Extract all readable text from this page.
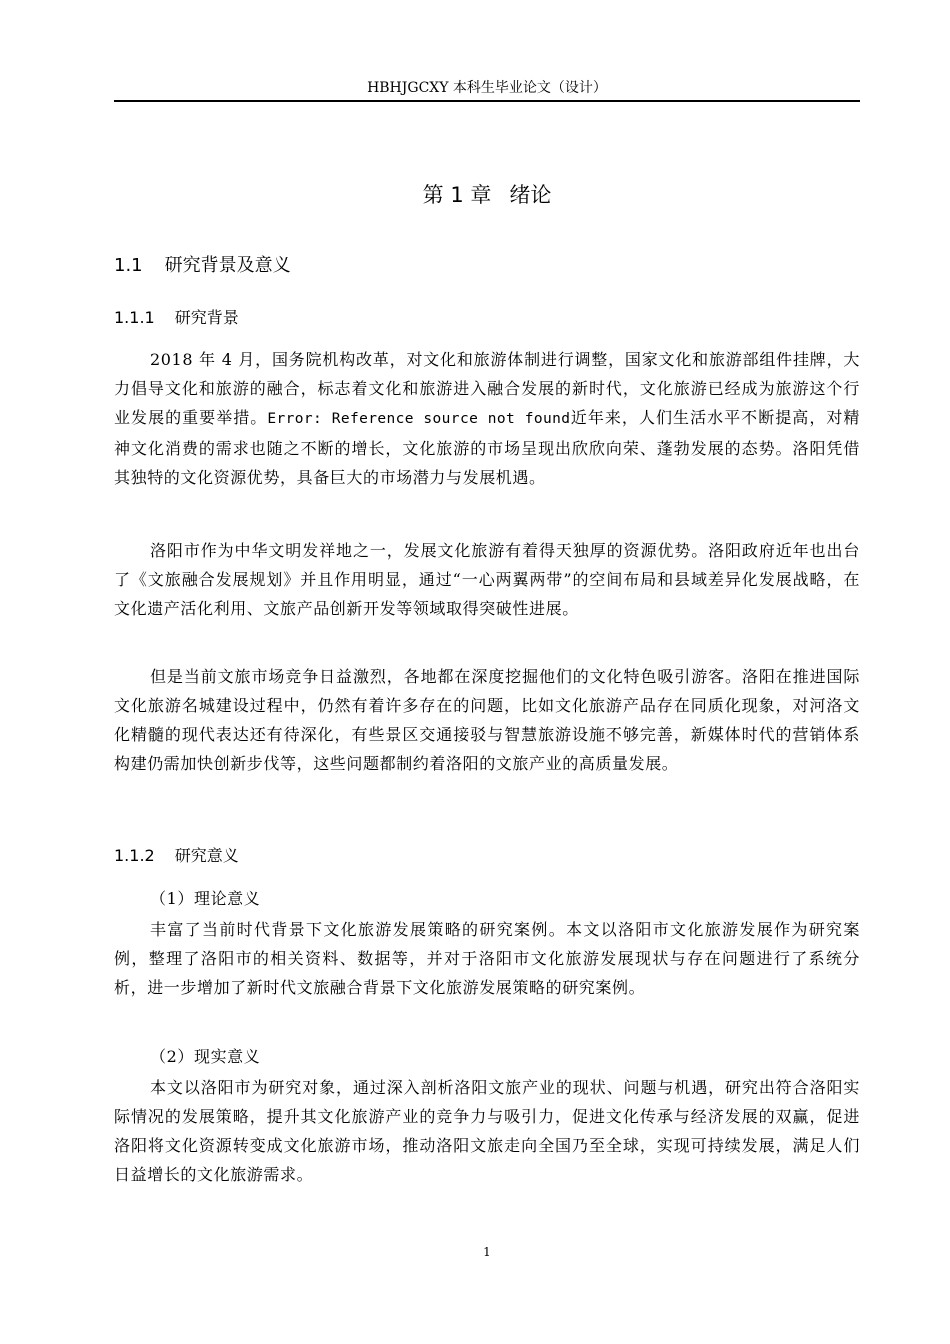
HBHJGCXY 本科生毕业论文（设计）
第 1 章 绪论
1.1 研究背景及意义
1.1.1 研究背景

2018 年 4 月，国务院机构改革，对文化和旅游体制进行调整，国家文化和旅游部组件挂牌，大力倡导文化和旅游的融合，标志着文化和旅游进入融合发展的新时代，文化旅游已经成为旅游这个行业发展的重要举措。Error: Reference source not found近年来，人们生活水平不断提高，对精神文化消费的需求也随之不断的增长，文化旅游的市场呈现出欣欣向荣、蓬勃发展的态势。洛阳凭借其独特的文化资源优势，具备巨大的市场潜力与发展机遇。

洛阳市作为中华文明发祥地之一，发展文化旅游有着得天独厚的资源优势。洛阳政府近年也出台了《文旅融合发展规划》并且作用明显，通过“一心两翼两带”的空间布局和县域差异化发展战略，在文化遗产活化利用、文旅产品创新开发等领域取得突破性进展。

但是当前文旅市场竞争日益激烈，各地都在深度挖掘他们的文化特色吸引游客。洛阳在推进国际文化旅游名城建设过程中，仍然有着许多存在的问题，比如文化旅游产品存在同质化现象，对河洛文化精髓的现代表达还有待深化，有些景区交通接驳与智慧旅游设施不够完善，新媒体时代的营销体系构建仍需加快创新步伐等，这些问题都制约着洛阳的文旅产业的高质量发展。

1.1.2 研究意义

（1）理论意义

丰富了当前时代背景下文化旅游发展策略的研究案例。本文以洛阳市文化旅游发展作为研究案例，整理了洛阳市的相关资料、数据等，并对于洛阳市文化旅游发展现状与存在问题进行了系统分析，进一步增加了新时代文旅融合背景下文化旅游发展策略的研究案例。

（2）现实意义

本文以洛阳市为研究对象，通过深入剖析洛阳文旅产业的现状、问题与机遇，研究出符合洛阳实际情况的发展策略，提升其文化旅游产业的竞争力与吸引力，促进文化传承与经济发展的双赢，促进洛阳将文化资源转变成文化旅游市场，推动洛阳文旅走向全国乃至全球，实现可持续发展，满足人们日益增长的文化旅游需求。

1
